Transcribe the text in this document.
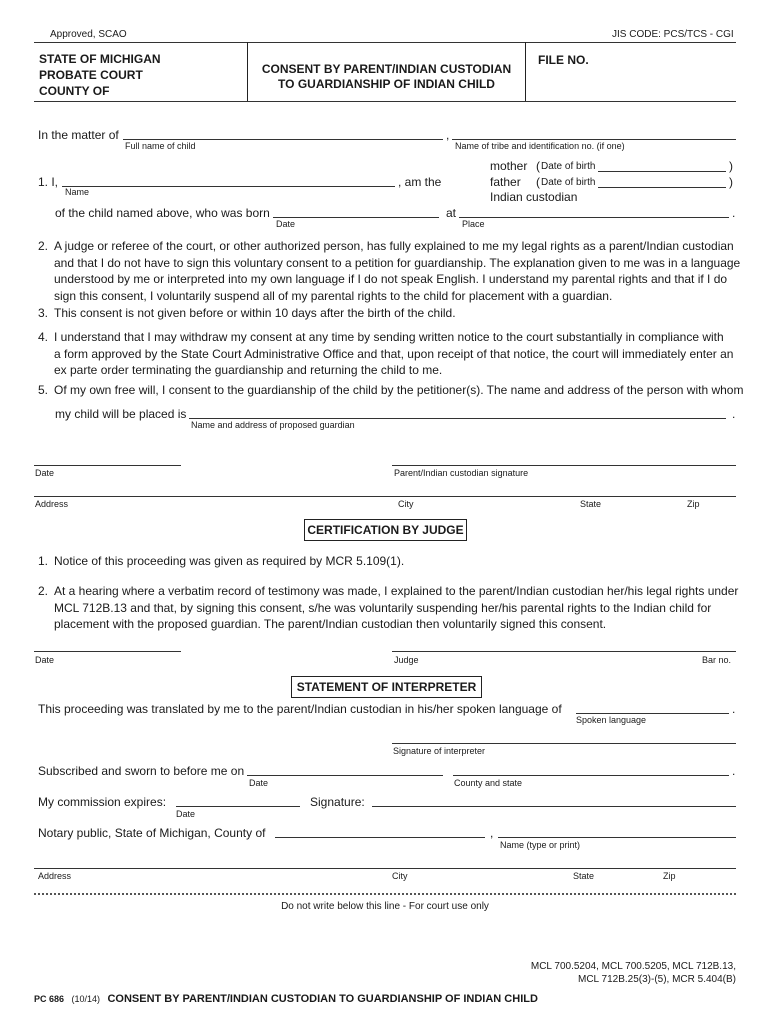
Approved, SCAO	JIS CODE: PCS/TCS - CGI
STATE OF MICHIGAN
PROBATE COURT
COUNTY OF
CONSENT BY PARENT/INDIAN CUSTODIAN
TO GUARDIANSHIP OF INDIAN CHILD
FILE NO.
In the matter of	,
Full name of child	Name of tribe and identification no. (if one)
1. I,	, am the
Name
mother ( Date of birth	)
father ( Date of birth	)
Indian custodian
of the child named above, who was born	at	.
Date	Place
2. A judge or referee of the court, or other authorized person, has fully explained to me my legal rights as a parent/Indian custodian
and that I do not have to sign this voluntary consent to a petition for guardianship. The explanation given to me was in a language
understood by me or interpreted into my own language if I do not speak English. I understand my parental rights and that if I do
sign this consent, I voluntarily suspend all of my parental rights to the child for placement with a guardian.
3. This consent is not given before or within 10 days after the birth of the child.
4. I understand that I may withdraw my consent at any time by sending written notice to the court substantially in compliance with
a form approved by the State Court Administrative Office and that, upon receipt of that notice, the court will immediately enter an
ex parte order terminating the guardianship and returning the child to me.
5. Of my own free will, I consent to the guardianship of the child by the petitioner(s). The name and address of the person with whom
my child will be placed is	.
Name and address of proposed guardian
Date	Parent/Indian custodian signature
Address	City	State	Zip
CERTIFICATION BY JUDGE
1. Notice of this proceeding was given as required by MCR 5.109(1).
2. At a hearing where a verbatim record of testimony was made, I explained to the parent/Indian custodian her/his legal rights under
MCL 712B.13 and that, by signing this consent, s/he was voluntarily suspending her/his parental rights to the Indian child for
placement with the proposed guardian. The parent/Indian custodian then voluntarily signed this consent.
Date	Judge	Bar no.
STATEMENT OF INTERPRETER
This proceeding was translated by me to the parent/Indian custodian in his/her spoken language of	.
Spoken language
Signature of interpreter
Subscribed and sworn to before me on	.
Date	County and state
My commission expires:	Signature:
Date
Notary public, State of Michigan, County of	,
Name (type or print)
Address	City	State	Zip
Do not write below this line - For court use only
MCL 700.5204, MCL 700.5205, MCL 712B.13,
MCL 712B.25(3)-(5), MCR 5.404(B)
PC 686 (10/14) CONSENT BY PARENT/INDIAN CUSTODIAN TO GUARDIANSHIP OF INDIAN CHILD
